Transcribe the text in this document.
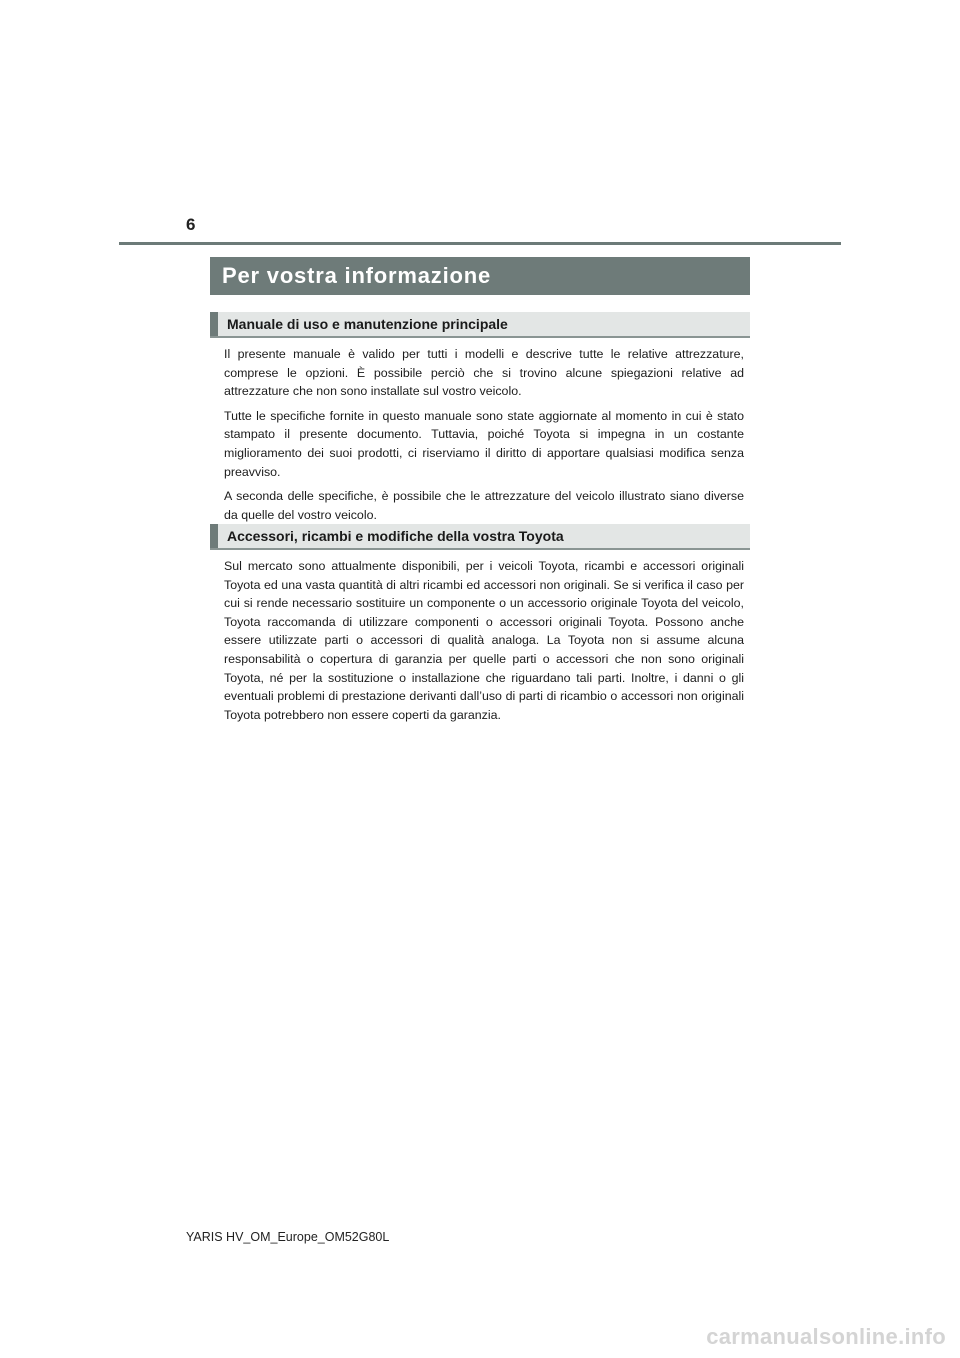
6
Per vostra informazione
Manuale di uso e manutenzione principale

Il presente manuale è valido per tutti i modelli e descrive tutte le relative attrezzature, comprese le opzioni. È possibile perciò che si trovino alcune spiegazioni relative ad attrezzature che non sono installate sul vostro veicolo.

Tutte le specifiche fornite in questo manuale sono state aggiornate al momento in cui è stato stampato il presente documento. Tuttavia, poiché Toyota si impegna in un costante miglioramento dei suoi prodotti, ci riserviamo il diritto di apportare qualsiasi modifica senza preavviso.

A seconda delle specifiche, è possibile che le attrezzature del veicolo illustrato siano diverse da quelle del vostro veicolo.

Accessori, ricambi e modifiche della vostra Toyota

Sul mercato sono attualmente disponibili, per i veicoli Toyota, ricambi e accessori originali Toyota ed una vasta quantità di altri ricambi ed accessori non originali. Se si verifica il caso per cui si rende necessario sostituire un componente o un accessorio originale Toyota del veicolo, Toyota raccomanda di utilizzare componenti o accessori originali Toyota. Possono anche essere utilizzate parti o accessori di qualità analoga. La Toyota non si assume alcuna responsabilità o copertura di garanzia per quelle parti o accessori che non sono originali Toyota, né per la sostituzione o installazione che riguardano tali parti. Inoltre, i danni o gli eventuali problemi di prestazione derivanti dall’uso di parti di ricambio o accessori non originali Toyota potrebbero non essere coperti da garanzia.

YARIS HV_OM_Europe_OM52G80L
carmanualsonline.info
